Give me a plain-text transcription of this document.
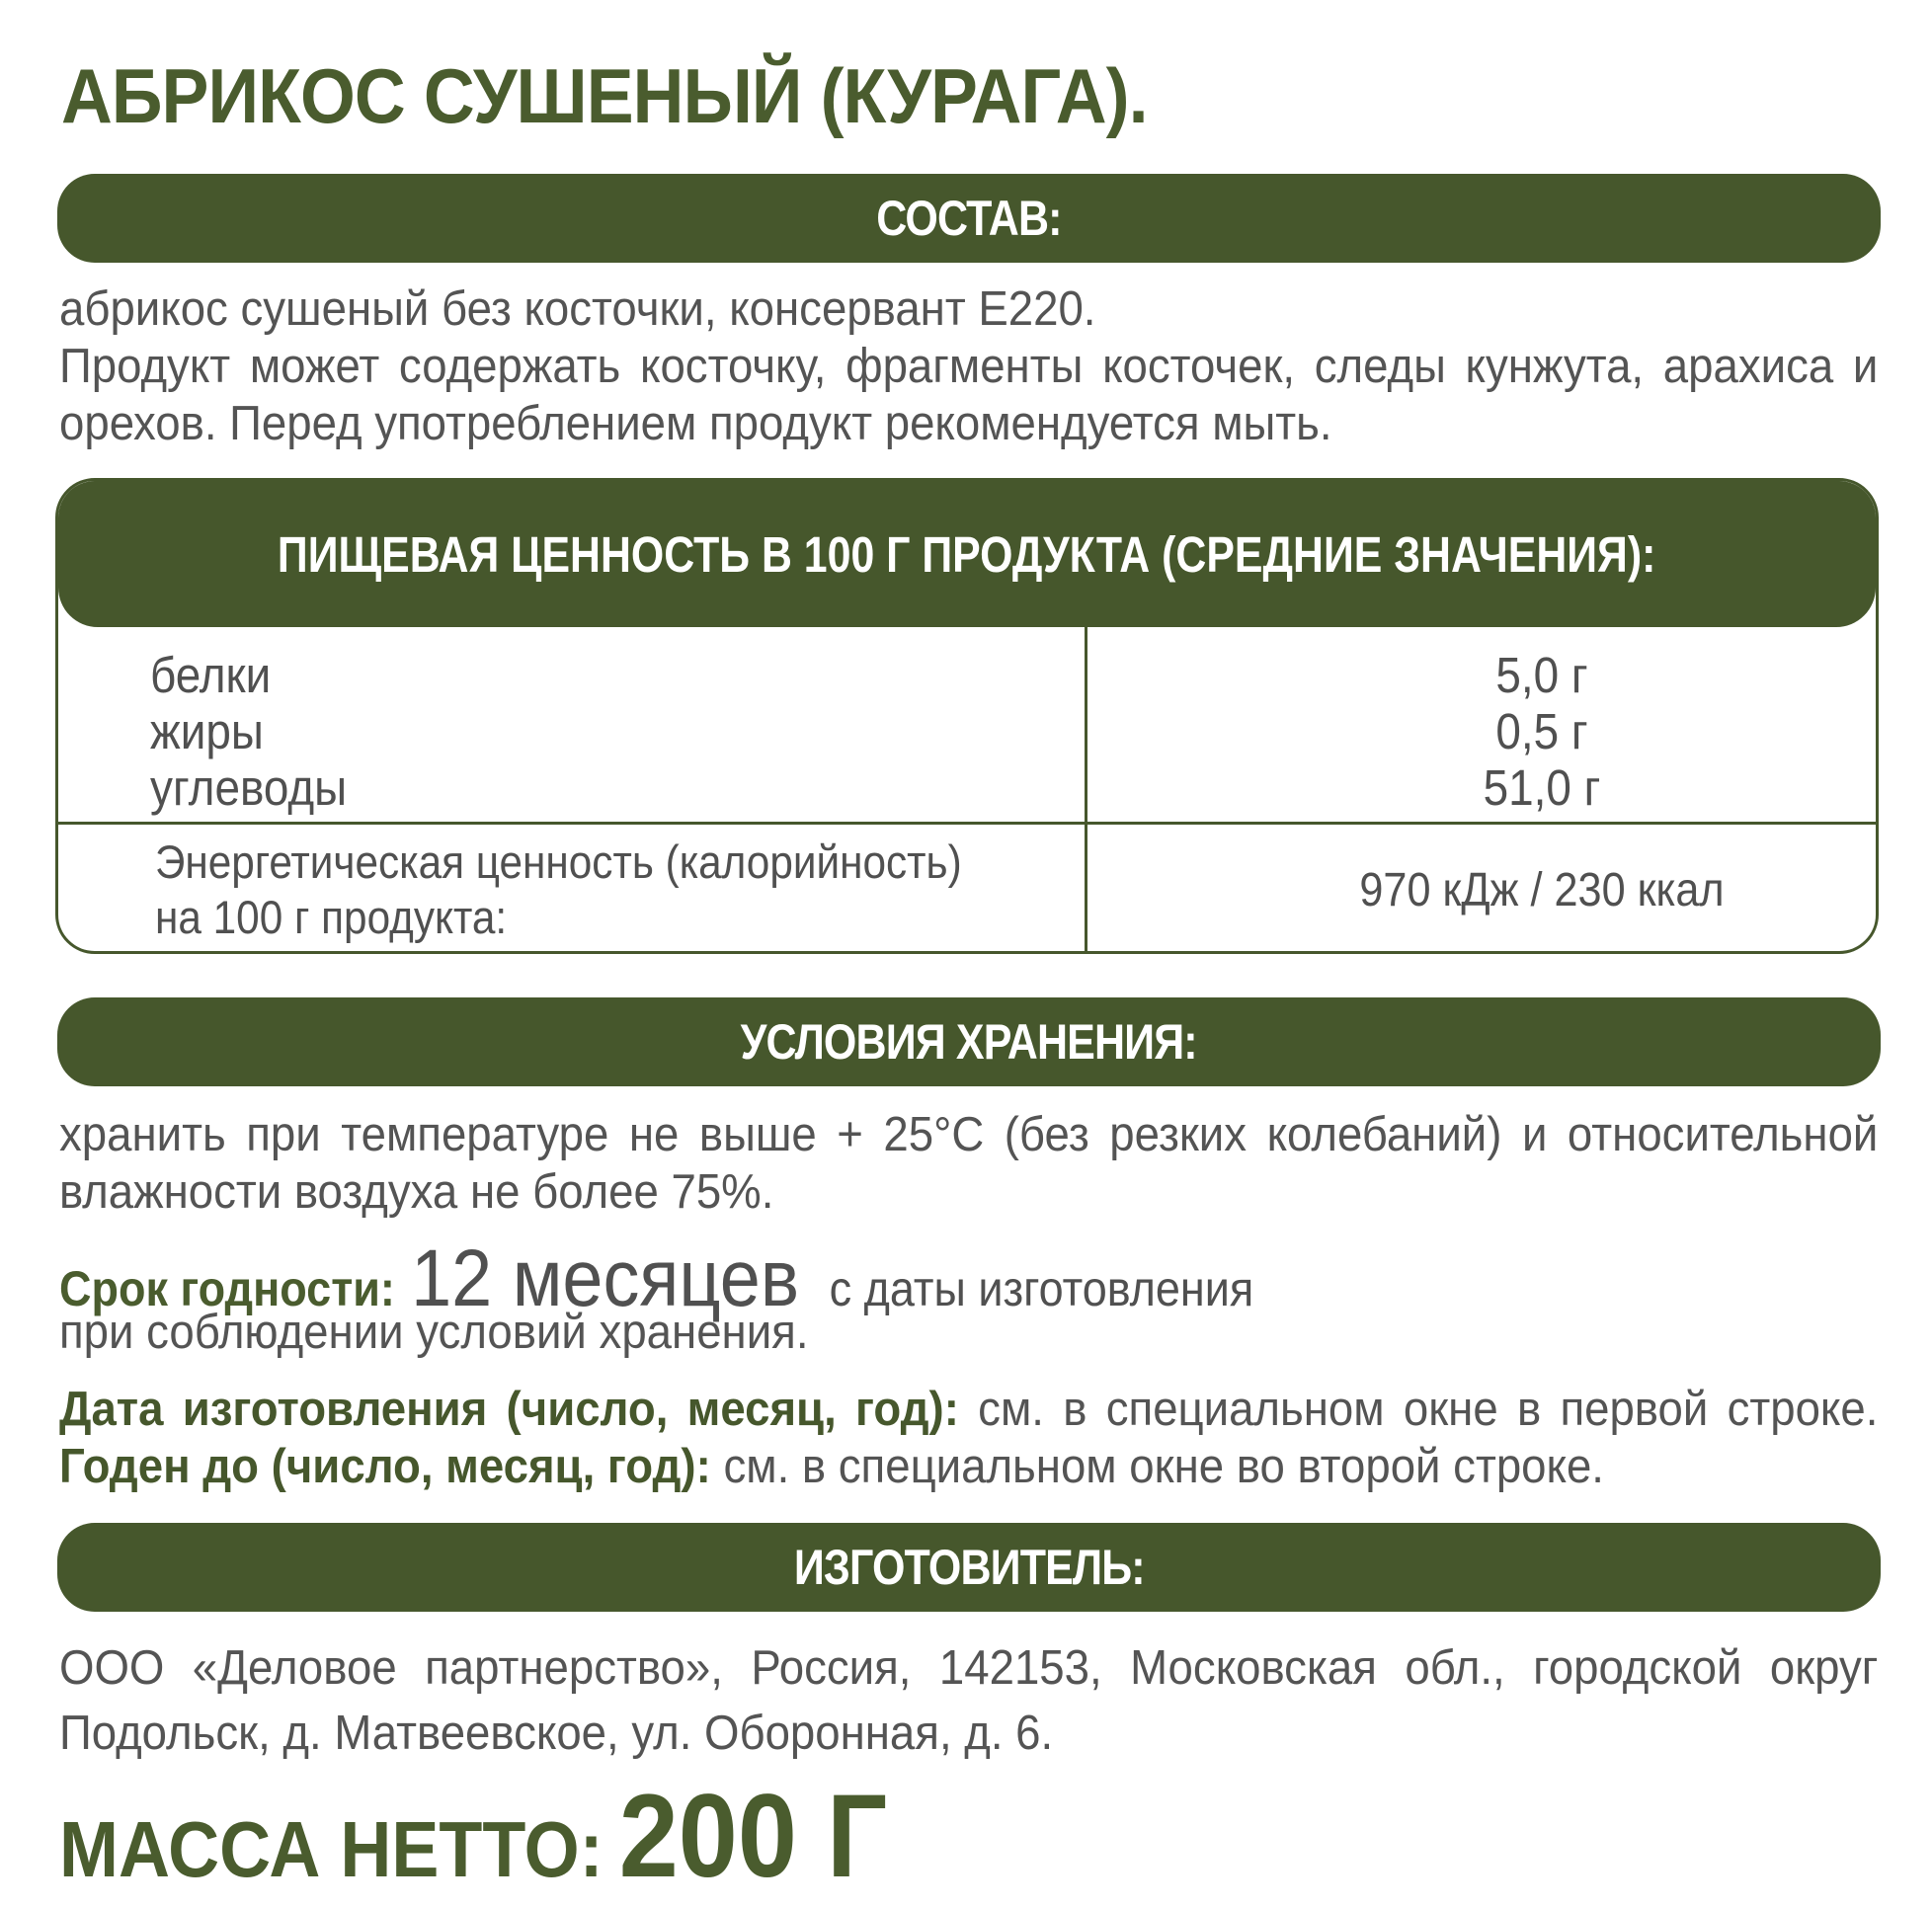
АБРИКОС СУШЕНЫЙ (КУРАГА).
СОСТАВ:
абрикос сушеный без косточки, консервант Е220.
Продукт может содержать косточку, фрагменты косточек, следы кунжута, арахиса и орехов. Перед употреблением продукт рекомендуется мыть.
ПИЩЕВАЯ ЦЕННОСТЬ В 100 Г ПРОДУКТА (СРЕДНИЕ ЗНАЧЕНИЯ):
белки
жиры
углеводы
5,0 г
0,5 г
51,0 г
Энергетическая ценность (калорийность)
на 100 г продукта:
970 кДж / 230 ккал
УСЛОВИЯ ХРАНЕНИЯ:
хранить при температуре не выше + 25°С (без резких колебаний) и относительной влажности воздуха не более 75%.
Срок годности: 12 месяцев с даты изготовления
при соблюдении условий хранения.
Дата изготовления (число, месяц, год): см. в специальном окне в первой строке. Годен до (число, месяц, год): см. в специальном окне во второй строке.
ИЗГОТОВИТЕЛЬ:
ООО «Деловое партнерство», Россия, 142153, Московская обл., городской округ Подольск, д. Матвеевское, ул. Оборонная, д. 6.
МАССА НЕТТО: 200 Г
